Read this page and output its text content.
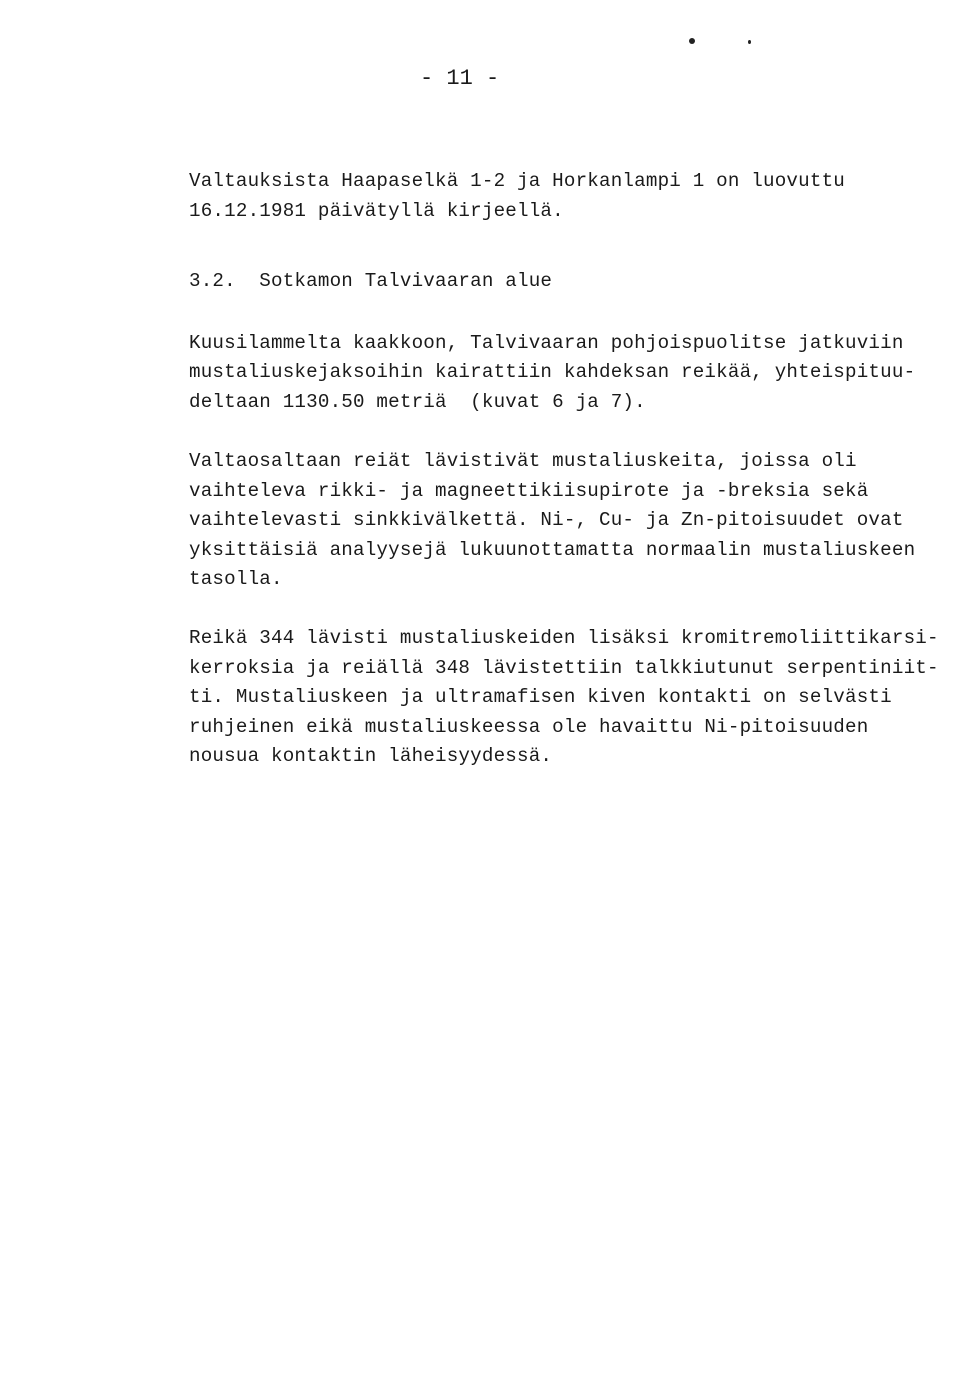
- 11 -
Valtauksista Haapaselkä 1-2 ja Horkanlampi 1 on luovuttu
16.12.1981 päivätyllä kirjeellä.
3.2.  Sotkamon Talvivaaran alue
Kuusilammelta kaakkoon, Talvivaaran pohjoispuolitse jatkuviin
mustaliuskejaksoihin kairattiin kahdeksan reikää, yhteispituu-
deltaan 1130.50 metriä  (kuvat 6 ja 7).
Valtaosaltaan reiät lävistivät mustaliuskeita, joissa oli
vaihteleva rikki- ja magneettikiisupirote ja -breksia sekä
vaihtelevasti sinkkivälkettä. Ni-, Cu- ja Zn-pitoisuudet ovat
yksittäisiä analyysejä lukuunottamatta normaalin mustaliuskeen
tasolla.
Reikä 344 lävisti mustaliuskeiden lisäksi kromitremoliittikarsi-
kerroksia ja reiällä 348 lävistettiin talkkiutunut serpentiniit-
ti. Mustaliuskeen ja ultramafisen kiven kontakti on selvästi
ruhjeinen eikä mustaliuskeessa ole havaittu Ni-pitoisuuden
nousua kontaktin läheisyydessä.
